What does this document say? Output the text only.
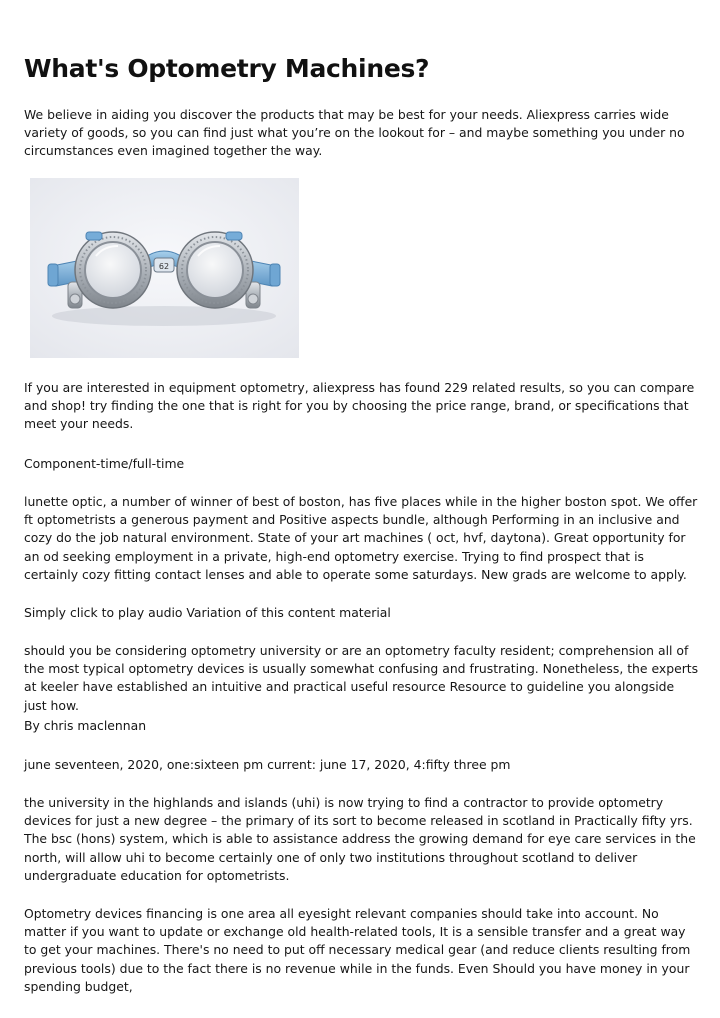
What's Optometry Machines?

We believe in aiding you discover the products that may be best for your needs. Aliexpress carries wide variety of goods, so you can find just what you’re on the lookout for – and maybe something you under no circumstances even imagined together the way.

62

If you are interested in equipment optometry, aliexpress has found 229 related results, so you can compare and shop! try finding the one that is right for you by choosing the price range, brand, or specifications that meet your needs.

Component-time/full-time

lunette optic, a number of winner of best of boston, has five places while in the higher boston spot. We offer ft optometrists a generous payment and Positive aspects bundle, although Performing in an inclusive and cozy do the job natural environment. State of your art machines ( oct, hvf, daytona). Great opportunity for an od seeking employment in a private, high-end optometry exercise. Trying to find prospect that is certainly cozy fitting contact lenses and able to operate some saturdays. New grads are welcome to apply.

Simply click to play audio Variation of this content material

should you be considering optometry university or are an optometry faculty resident; comprehension all of the most typical optometry devices is usually somewhat confusing and frustrating. Nonetheless, the experts at keeler have established an intuitive and practical useful resource Resource to guideline you alongside just how.

By chris maclennan

june seventeen, 2020, one:sixteen pm current: june 17, 2020, 4:fifty three pm

the university in the highlands and islands (uhi) is now trying to find a contractor to provide optometry devices for just a new degree – the primary of its sort to become released in scotland in Practically fifty yrs. The bsc (hons) system, which is able to assistance address the growing demand for eye care services in the north, will allow uhi to become certainly one of only two institutions throughout scotland to deliver undergraduate education for optometrists.

Optometry devices financing is one area all eyesight relevant companies should take into account. No matter if you want to update or exchange old health-related tools, It is a sensible transfer and a great way to get your machines. There's no need to put off necessary medical gear (and reduce clients resulting from previous tools) due to the fact there is no revenue while in the funds. Even Should you have money in your spending budget,
